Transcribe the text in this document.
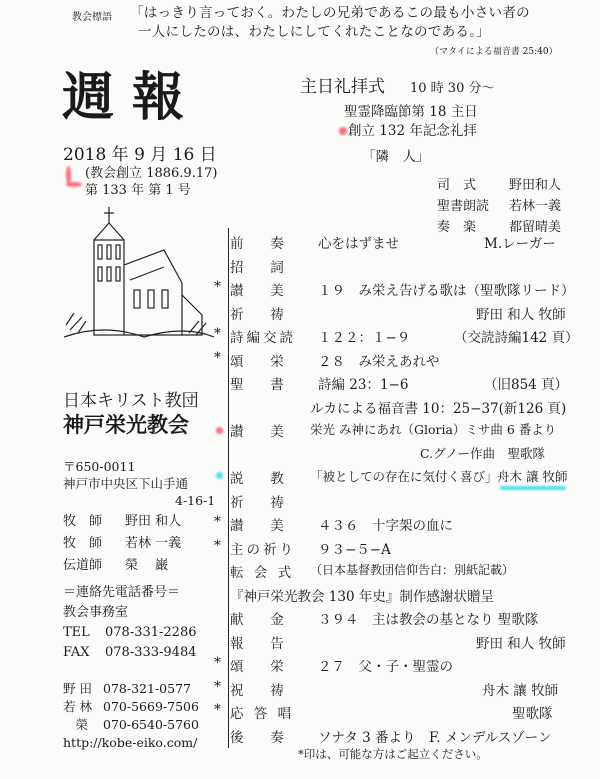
教会標語 「はっきり言っておく。わたしの兄弟であるこの最も小さい者の
一人にしたのは、わたしにしてくれたことなのである。」
（マタイによる福音書 25:40）
週報
2018 年 9 月 16 日
(教会創立 1886.9.17)
第 133 年 第 1 号
日本キリスト教団
神戸栄光教会
〒650-0011
神戸市中央区下山手通
4-16-1
牧　師 野田 和人
牧　師 若林 一義
伝道師 榮　 巌
＝連絡先電話番号＝
教会事務室
TEL 078-331-2286
FAX 078-333-9484
野 田 078-321-0577
若 林 070-5669-7506
　榮 070-6540-5760
http://kobe-eiko.com/
主日礼拝式 10 時 30 分～
聖霊降臨節第 18 主日
創立 132 年記念礼拝
「隣　人」
司　式	野田和人
聖書朗読 若林一義
奏　楽	都留晴美
前　 奏 心をはずませ	M.レーガー
招　 詞
* 讃　 美 １９　み栄え告げる歌は（聖歌隊リード）
祈　 祷	野田 和人 牧師
* 詩編交読 １２２：１−９	（交読詩編142 頁）
* 頌　 栄 ２８　み栄えあれや
聖　 書 詩編 23：1−6	（旧854 頁）
ルカによる福音書 10：25−37(新126 頁)
讃　 美 栄光 み神にあれ（Gloria）ミサ曲 6 番より
C.グノー作曲　聖歌隊
説　 教 「被としての存在に気付く喜び」 舟木 讓 牧師
祈　 祷
* 讃　 美 ４３６　十字架の血に
* 主の祈り ９３−５−A
転 会 式 （日本基督教団信仰告白：別紙記載）
『神戸栄光教会 130 年史』制作感謝状贈呈
献　 金 ３９４　主は教会の基となり 聖歌隊
報　 告	野田 和人 牧師
* 頌　 栄 ２７　父・子・聖霊の
* 祝　 祷	舟木 讓 牧師
* 応 答 唱	聖歌隊
後　 奏 ソナタ 3 番より　F. メンデルスゾーン
*印は、可能な方はご起立ください。
